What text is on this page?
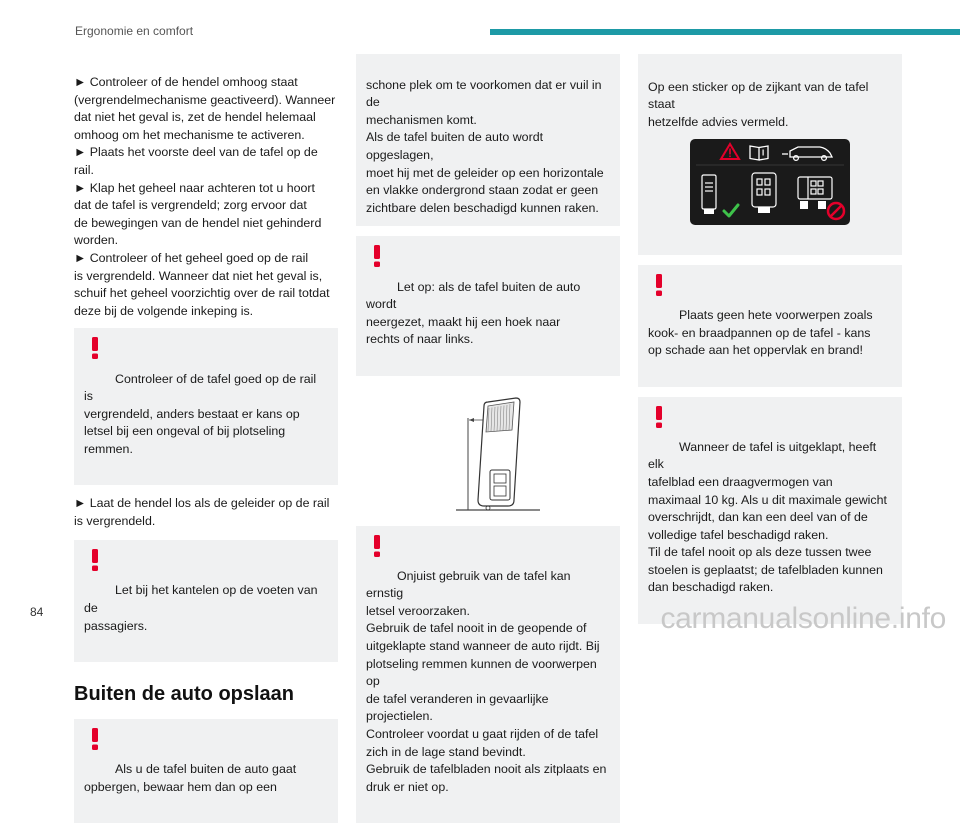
Ergonomie en comfort

► Controleer of de hendel omhoog staat
(vergrendelmechanisme geactiveerd). Wanneer
dat niet het geval is, zet de hendel helemaal
omhoog om het mechanisme te activeren.
► Plaats het voorste deel van de tafel op de
rail.
► Klap het geheel naar achteren tot u hoort
dat de tafel is vergrendeld; zorg ervoor dat
de bewegingen van de hendel niet gehinderd
worden.
► Controleer of het geheel goed op de rail
is vergrendeld. Wanneer dat niet het geval is,
schuif het geheel voorzichtig over de rail totdat
deze bij de volgende inkeping is.

Controleer of de tafel goed op de rail is
vergrendeld, anders bestaat er kans op
letsel bij een ongeval of bij plotseling
remmen.

► Laat de hendel los als de geleider op de rail
is vergrendeld.

Let bij het kantelen op de voeten van de
passagiers.

Buiten de auto opslaan

Als u de tafel buiten de auto gaat
opbergen, bewaar hem dan op een

schone plek om te voorkomen dat er vuil in de
mechanismen komt.
Als de tafel buiten de auto wordt opgeslagen,
moet hij met de geleider op een horizontale
en vlakke ondergrond staan zodat er geen
zichtbare delen beschadigd kunnen raken.

Let op: als de tafel buiten de auto wordt
neergezet, maakt hij een hoek naar
rechts of naar links.

Onjuist gebruik van de tafel kan ernstig
letsel veroorzaken.
Gebruik de tafel nooit in de geopende of
uitgeklapte stand wanneer de auto rijdt. Bij
plotseling remmen kunnen de voorwerpen op
de tafel veranderen in gevaarlijke projectielen.
Controleer voordat u gaat rijden of de tafel
zich in de lage stand bevindt.
Gebruik de tafelbladen nooit als zitplaats en
druk er niet op.

Op een sticker op de zijkant van de tafel staat
hetzelfde advies vermeld.

Plaats geen hete voorwerpen zoals
kook- en braadpannen op de tafel - kans
op schade aan het oppervlak en brand!

Wanneer de tafel is uitgeklapt, heeft elk
tafelblad een draagvermogen van
maximaal 10 kg. Als u dit maximale gewicht
overschrijdt, dan kan een deel van of de
volledige tafel beschadigd raken.
Til de tafel nooit op als deze tussen twee
stoelen is geplaatst; de tafelbladen kunnen
dan beschadigd raken.

84	carmanualsonline.info
